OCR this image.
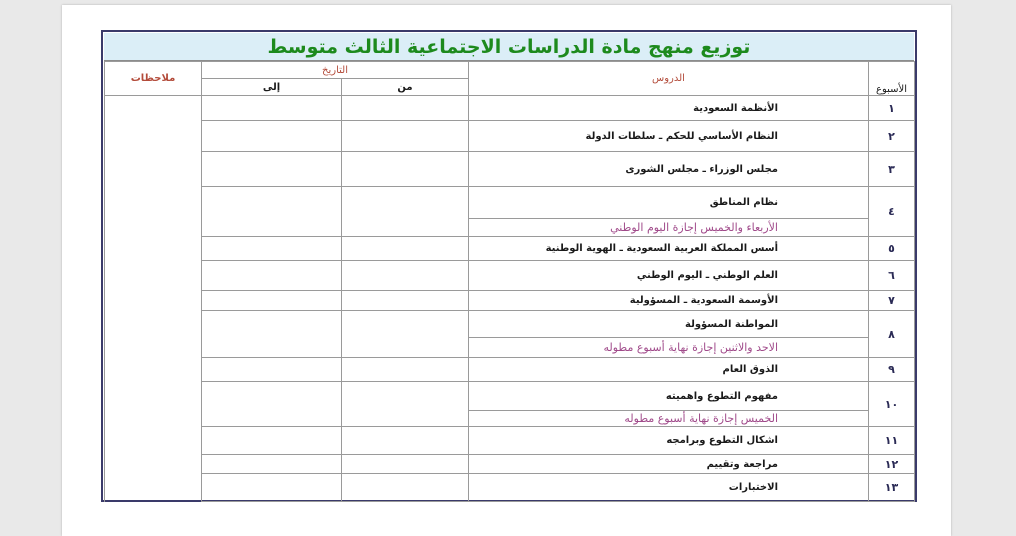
توزيع منهج مادة الدراسات الاجتماعية الثالث متوسط
الأسبوع	الدروس	التاريخ		ملاحظات
		من	إلى	
١	الأنظمة السعودية			
٢	النظام الأساسي للحكم ـ سلطات الدولة			
٣	مجلس الوزراء ـ مجلس الشورى			
٤	نظام المناطق			
	الأربعاء والخميس إجازة اليوم الوطني			
٥	أسس المملكة العربية السعودية ـ الهوية الوطنية			
٦	العلم الوطني ـ اليوم الوطني			
٧	الأوسمة السعودية ـ المسؤولية			
٨	المواطنة المسؤولة			
	الاحد والاثنين إجازة نهاية أسبوع مطوله			
٩	الذوق العام			
١٠	مفهوم التطوع واهميته			
	الخميس إجازة نهاية أسبوع مطوله			
١١	اشكال التطوع وبرامجه			
١٢	مراجعة وتقييم			
١٣	الاختبارات			
